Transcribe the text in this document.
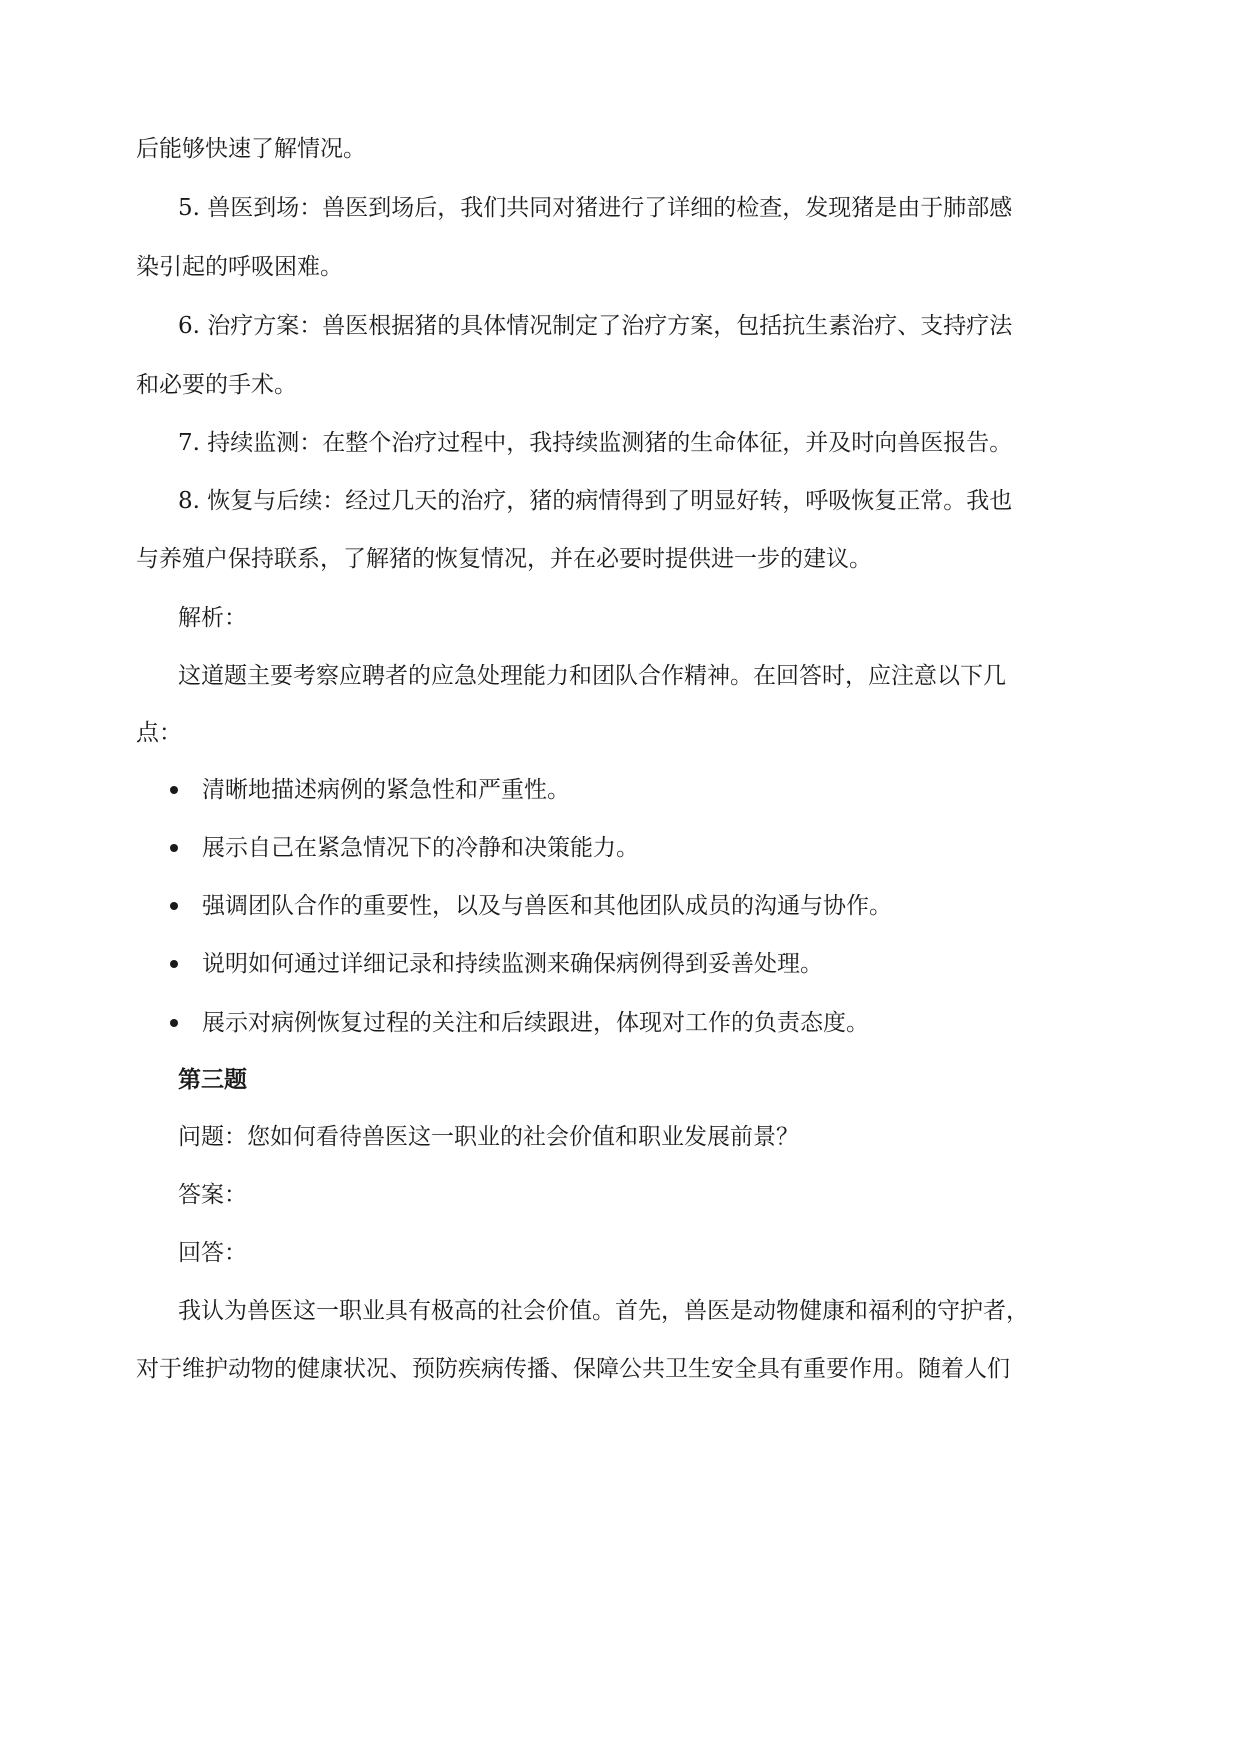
后能够快速了解情况。
5. 兽医到场：兽医到场后，我们共同对猪进行了详细的检查，发现猪是由于肺部感
染引起的呼吸困难。
6. 治疗方案：兽医根据猪的具体情况制定了治疗方案，包括抗生素治疗、支持疗法
和必要的手术。
7. 持续监测：在整个治疗过程中，我持续监测猪的生命体征，并及时向兽医报告。
8. 恢复与后续：经过几天的治疗，猪的病情得到了明显好转，呼吸恢复正常。我也
与养殖户保持联系，了解猪的恢复情况，并在必要时提供进一步的建议。
解析：
这道题主要考察应聘者的应急处理能力和团队合作精神。在回答时，应注意以下几
点：
清晰地描述病例的紧急性和严重性。
展示自己在紧急情况下的冷静和决策能力。
强调团队合作的重要性，以及与兽医和其他团队成员的沟通与协作。
说明如何通过详细记录和持续监测来确保病例得到妥善处理。
展示对病例恢复过程的关注和后续跟进，体现对工作的负责态度。
第三题
问题：您如何看待兽医这一职业的社会价值和职业发展前景？
答案：
回答：
我认为兽医这一职业具有极高的社会价值。首先，兽医是动物健康和福利的守护者，
对于维护动物的健康状况、预防疾病传播、保障公共卫生安全具有重要作用。随着人们
